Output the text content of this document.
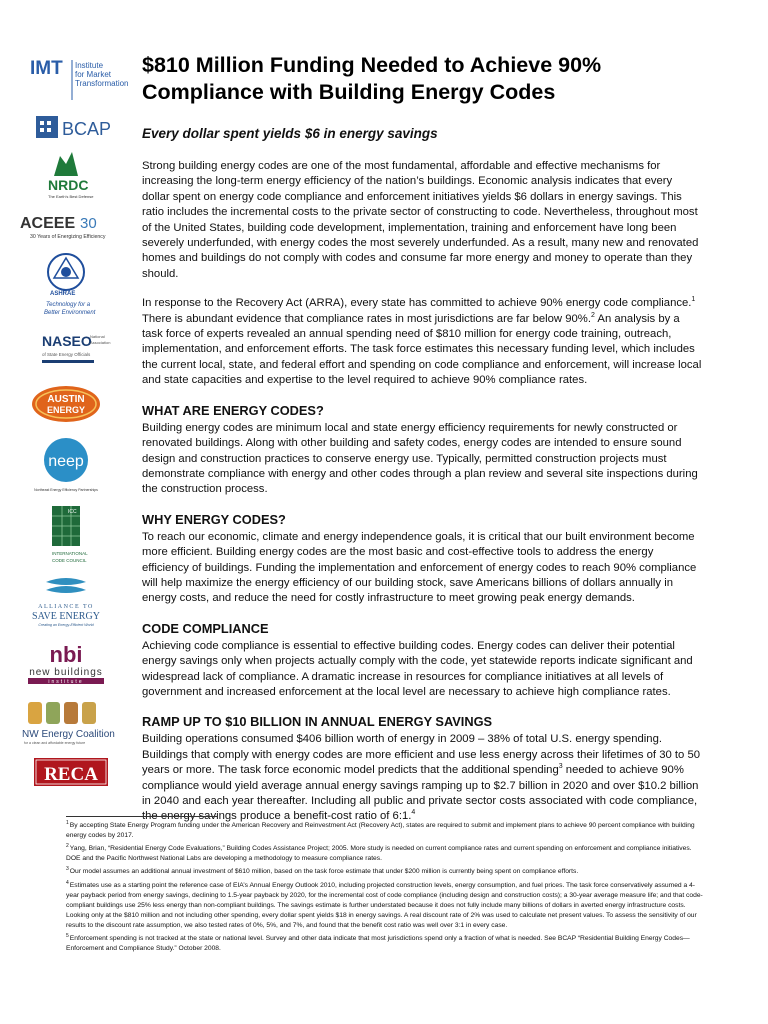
IMT Institute
for Market
Transformation
BCAP
NRDC
The Earth's Best Defense
ACEEE 30
30 Years of Energizing Efficiency
ASHRAE
Technology for a
Better Environment
NASEO
National
Association
of State Energy Officials
AUSTIN
ENERGY
neep
Northeast Energy Efficiency Partnerships
ICC
INTERNATIONAL
CODE COUNCIL
ALLIANCE TO
SAVE ENERGY
Creating an Energy-Efficient World
nbi
new buildings
institute
NW Energy Coalition
for a clean and affordable energy future
RECA
$810 Million Funding Needed to Achieve 90% Compliance with Building Energy Codes
Every dollar spent yields $6 in energy savings

Strong building energy codes are one of the most fundamental, affordable and effective mechanisms for increasing the long-term energy efficiency of the nation’s buildings. Economic analysis indicates that every dollar spent on energy code compliance and enforcement initiatives yields $6 dollars in energy savings. This ratio includes the incremental costs to the private sector of constructing to code. Nevertheless, throughout most of the United States, building code development, implementation, training and enforcement have long been severely underfunded, with energy codes the most severely underfunded. As a result, many new and renovated homes and buildings do not comply with codes and consume far more energy and money to operate than they should.

In response to the Recovery Act (ARRA), every state has committed to achieve 90% energy code compliance.$^1$ There is abundant evidence that compliance rates in most jurisdictions are far below 90%.$^2$ An analysis by a task force of experts revealed an annual spending need of $810 million for energy code training, outreach, implementation, and enforcement efforts. The task force estimates this necessary funding level, which includes the current local, state, and federal effort and spending on code compliance and enforcement, will increase local and state capacities and expertise to the level required to achieve 90% compliance rates.

WHAT ARE ENERGY CODES?

Building energy codes are minimum local and state energy efficiency requirements for newly constructed or renovated buildings. Along with other building and safety codes, energy codes are intended to ensure sound design and construction practices to conserve energy use. Typically, permitted construction projects must demonstrate compliance with energy and other codes through a plan review and several site inspections during the construction process.

WHY ENERGY CODES?

To reach our economic, climate and energy independence goals, it is critical that our built environment become more efficient. Building energy codes are the most basic and cost-effective tools to address the energy efficiency of buildings. Funding the implementation and enforcement of energy codes to reach 90% compliance will help maximize the energy efficiency of our building stock, save Americans billions of dollars annually in energy costs, and reduce the need for costly infrastructure to meet growing peak energy demands.

CODE COMPLIANCE

Achieving code compliance is essential to effective building codes. Energy codes can deliver their potential energy savings only when projects actually comply with the code, yet statewide reports indicate significant and widespread lack of compliance. A dramatic increase in resources for compliance initiatives at all levels of government and increased enforcement at the local level are necessary to achieve high compliance rates.

RAMP UP TO $10 BILLION IN ANNUAL ENERGY SAVINGS

Building operations consumed $406 billion worth of energy in 2009 – 38% of total U.S. energy spending. Buildings that comply with energy codes are more efficient and use less energy across their lifetimes of 30 to 50 years or more. The task force economic model predicts that the additional spending$^3$ needed to achieve 90% compliance would yield average annual energy savings ramping up to $2.7 billion in 2020 and over $10.2 billion in 2040 and each year thereafter. Including all public and private sector costs associated with code compliance, the energy savings produce a benefit-cost ratio of 6:1.$^4$

$^1$By accepting State Energy Program funding under the American Recovery and Reinvestment Act (Recovery Act), states are required to submit and implement plans to achieve 90 percent compliance with building energy codes by 2017.

$^2$Yang, Brian, “Residential Energy Code Evaluations,” Building Codes Assistance Project; 2005. More study is needed on current compliance rates and current spending on enforcement and compliance initiatives. DOE and the Pacific Northwest National Labs are developing a methodology to measure compliance rates.

$^3$Our model assumes an additional annual investment of $610 million, based on the task force estimate that under $200 million is currently being spent on compliance efforts.

$^4$Estimates use as a starting point the reference case of EIA’s Annual Energy Outlook 2010, including projected construction levels, energy consumption, and fuel prices. The task force conservatively assumed a 4-year payback period from energy savings, declining to 1.5-year payback by 2020, for the incremental cost of code compliance (including design and construction costs); a 30-year average measure life; and that code-compliant buildings use 25% less energy than non-compliant buildings. The savings estimate is further understated because it does not fully include many billions of dollars in averted energy infrastructure costs. Looking only at the $810 million and not including other spending, every dollar spent yields $18 in energy savings. A real discount rate of 2% was used to calculate net present values. To assess the sensitivity of our results to the discount rate assumption, we also tested rates of 0%, 5%, and 7%, and found that the benefit cost ratio was well over 3:1 in every case.

$^5$Enforcement spending is not tracked at the state or national level. Survey and other data indicate that most jurisdictions spend only a fraction of what is needed. See BCAP “Residential Building Energy Codes—Enforcement and Compliance Study.” October 2008.
